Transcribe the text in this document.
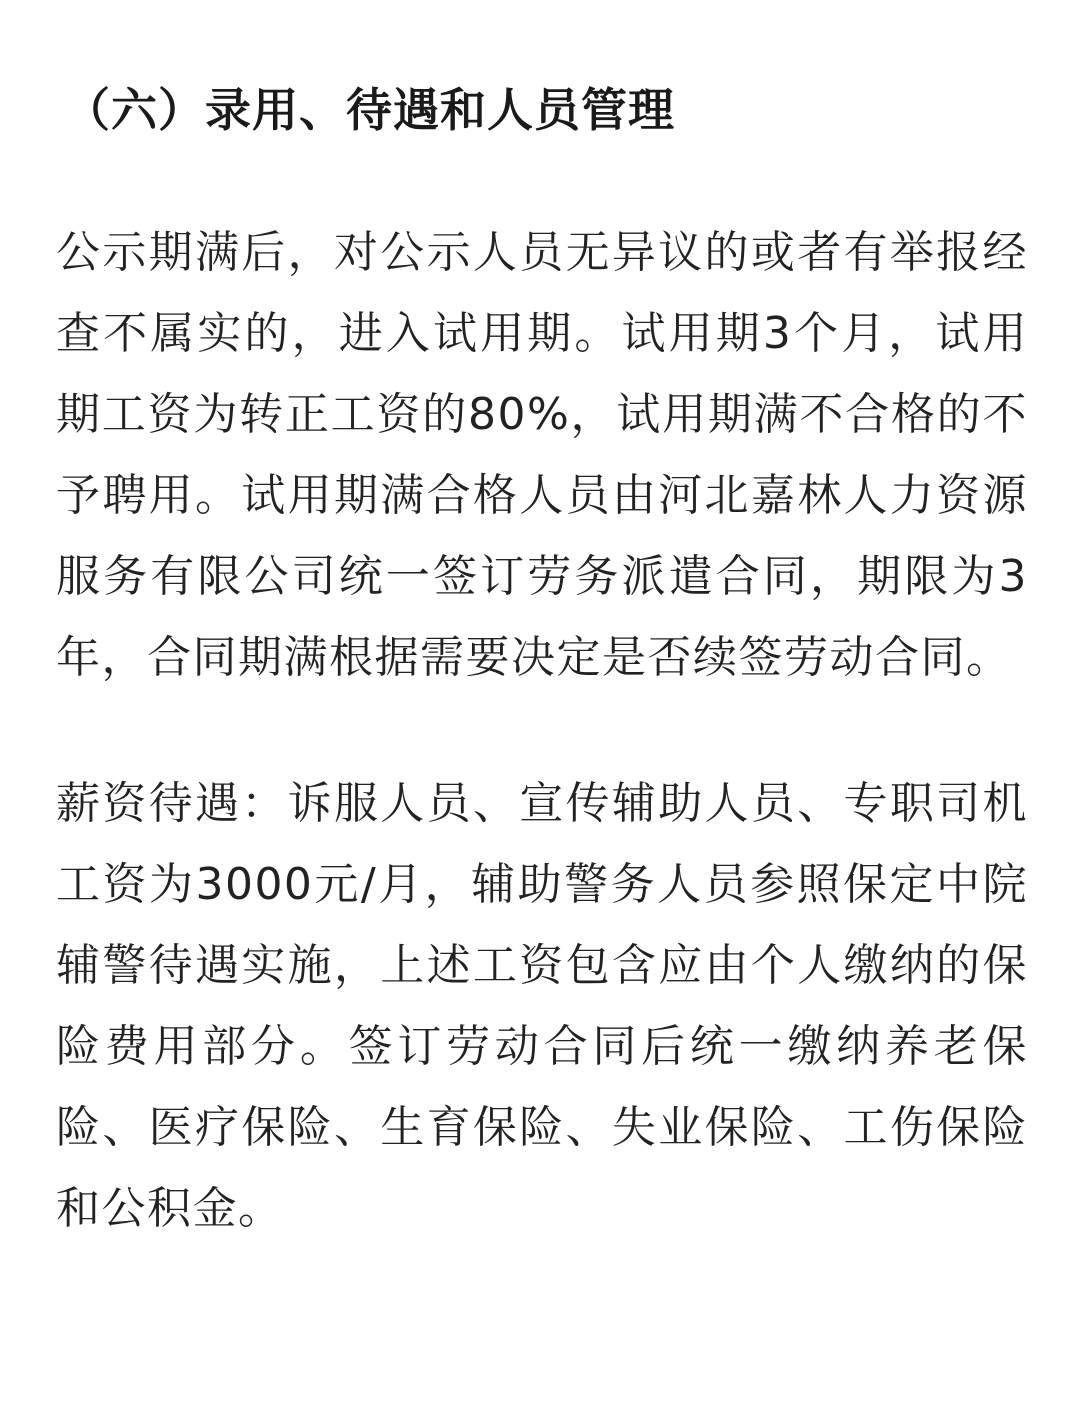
（六）录用、待遇和人员管理

公示期满后，对公示人员无异议的或者有举报经查不属实的，进入试用期。试用期3个月，试用期工资为转正工资的80%，试用期满不合格的不予聘用。试用期满合格人员由河北嘉林人力资源服务有限公司统一签订劳务派遣合同，期限为3年，合同期满根据需要决定是否续签劳动合同。

薪资待遇：诉服人员、宣传辅助人员、专职司机工资为3000元/月，辅助警务人员参照保定中院辅警待遇实施，上述工资包含应由个人缴纳的保险费用部分。签订劳动合同后统一缴纳养老保险、医疗保险、生育保险、失业保险、工伤保险和公积金。
